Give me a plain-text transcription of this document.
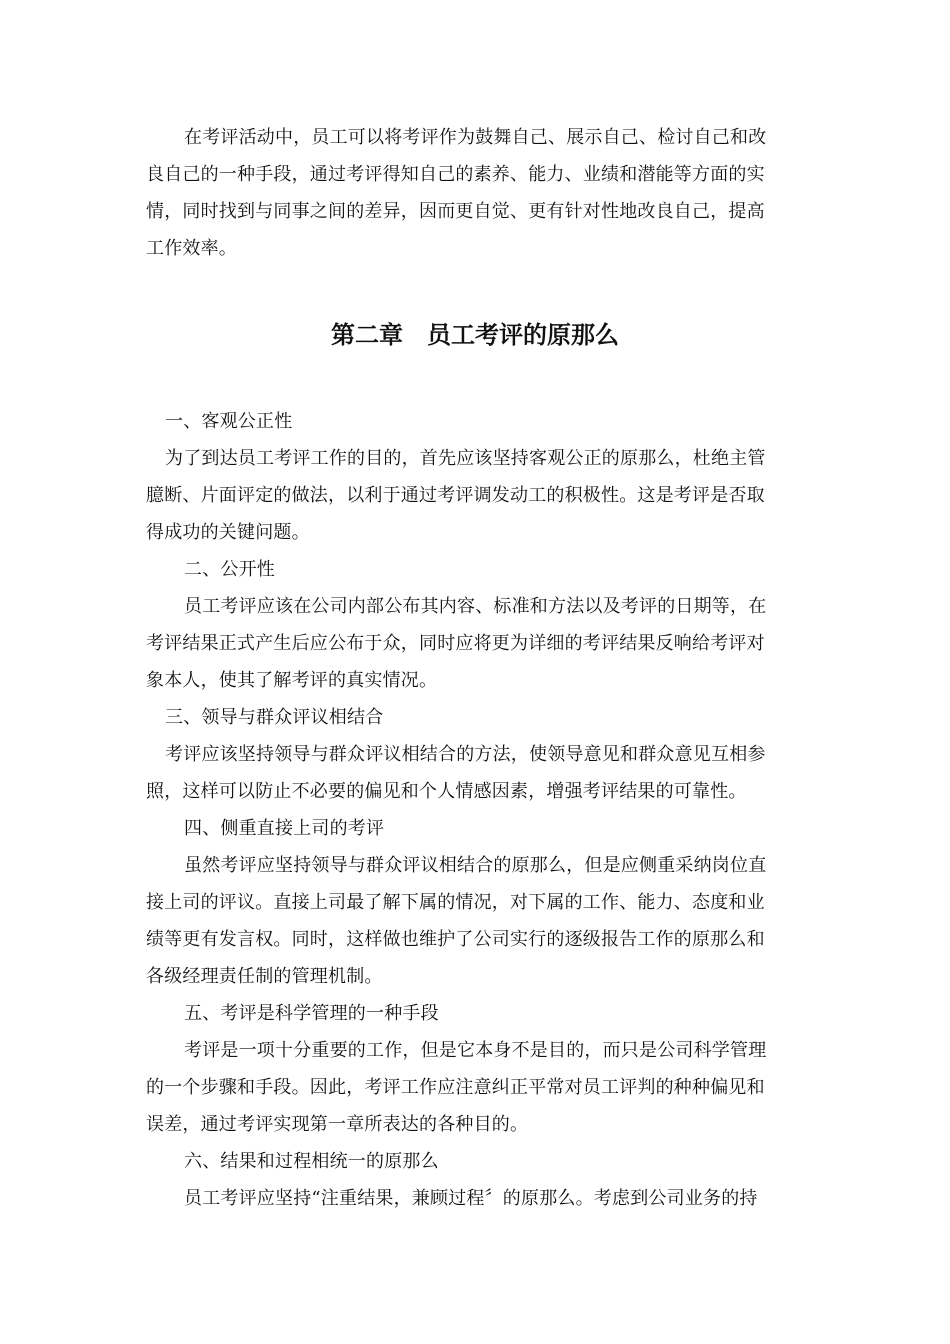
在考评活动中，员工可以将考评作为鼓舞自己、展示自己、检讨自己和改
良自己的一种手段，通过考评得知自己的素养、能力、业绩和潜能等方面的实
情，同时找到与同事之间的差异，因而更自觉、更有针对性地改良自己，提高
工作效率。
第二章　员工考评的原那么
一、客观公正性
为了到达员工考评工作的目的，首先应该坚持客观公正的原那么，杜绝主管
臆断、片面评定的做法，以利于通过考评调发动工的积极性。这是考评是否取
得成功的关键问题。
二、公开性
员工考评应该在公司内部公布其内容、标准和方法以及考评的日期等，在
考评结果正式产生后应公布于众，同时应将更为详细的考评结果反响给考评对
象本人，使其了解考评的真实情况。
三、领导与群众评议相结合
考评应该坚持领导与群众评议相结合的方法，使领导意见和群众意见互相参
照，这样可以防止不必要的偏见和个人情感因素，增强考评结果的可靠性。
四、侧重直接上司的考评
虽然考评应坚持领导与群众评议相结合的原那么，但是应侧重采纳岗位直
接上司的评议。直接上司最了解下属的情况，对下属的工作、能力、态度和业
绩等更有发言权。同时，这样做也维护了公司实行的逐级报告工作的原那么和
各级经理责任制的管理机制。
五、考评是科学管理的一种手段
考评是一项十分重要的工作，但是它本身不是目的，而只是公司科学管理
的一个步骤和手段。因此，考评工作应注意纠正平常对员工评判的种种偏见和
误差，通过考评实现第一章所表达的各种目的。
六、结果和过程相统一的原那么
员工考评应坚持“注重结果，兼顾过程〞的原那么。考虑到公司业务的持
